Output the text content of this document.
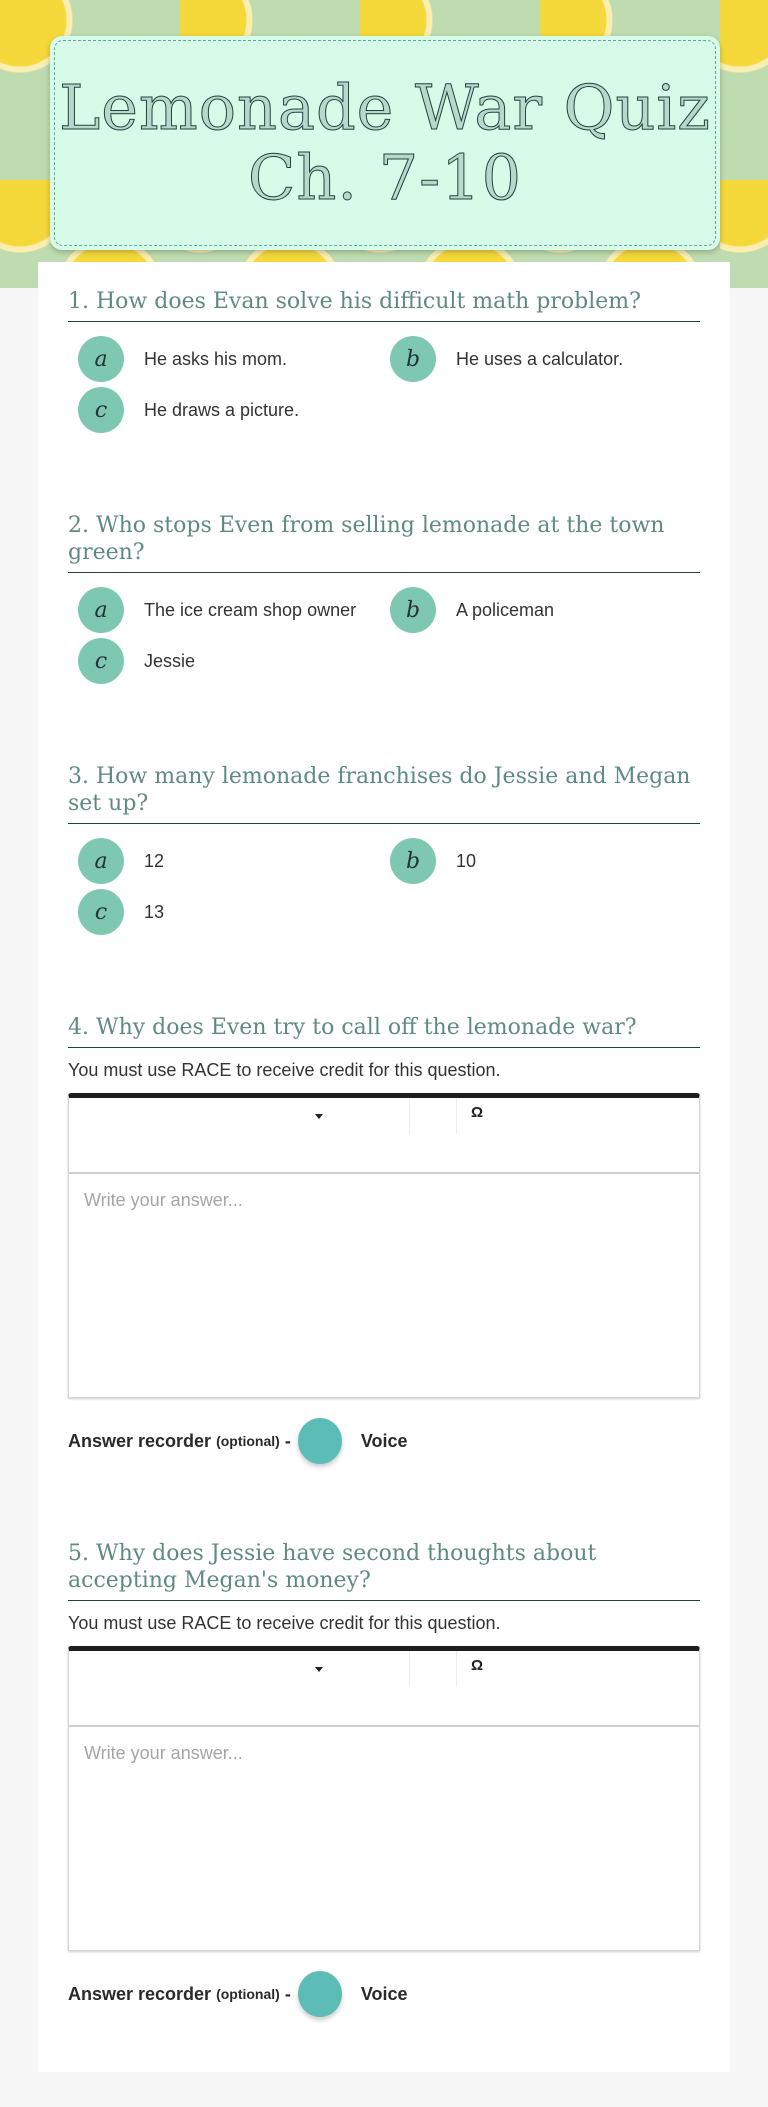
Lemonade War Quiz
Ch. 7-10
1. How does Evan solve his difficult math problem?
a	He asks his mom.	b	He uses a calculator.
c	He draws a picture.
2. Who stops Even from selling lemonade at the town green?
a	The ice cream shop owner	b	A policeman
c	Jessie
3. How many lemonade franchises do Jessie and Megan set up?
a	12	b	10
c	13
4. Why does Even try to call off the lemonade war?
You must use RACE to receive credit for this question.
Ω
Write your answer...
Answer recorder (optional) -	Voice
5. Why does Jessie have second thoughts about accepting Megan's money?
You must use RACE to receive credit for this question.
Ω
Write your answer...
Answer recorder (optional) -	Voice
